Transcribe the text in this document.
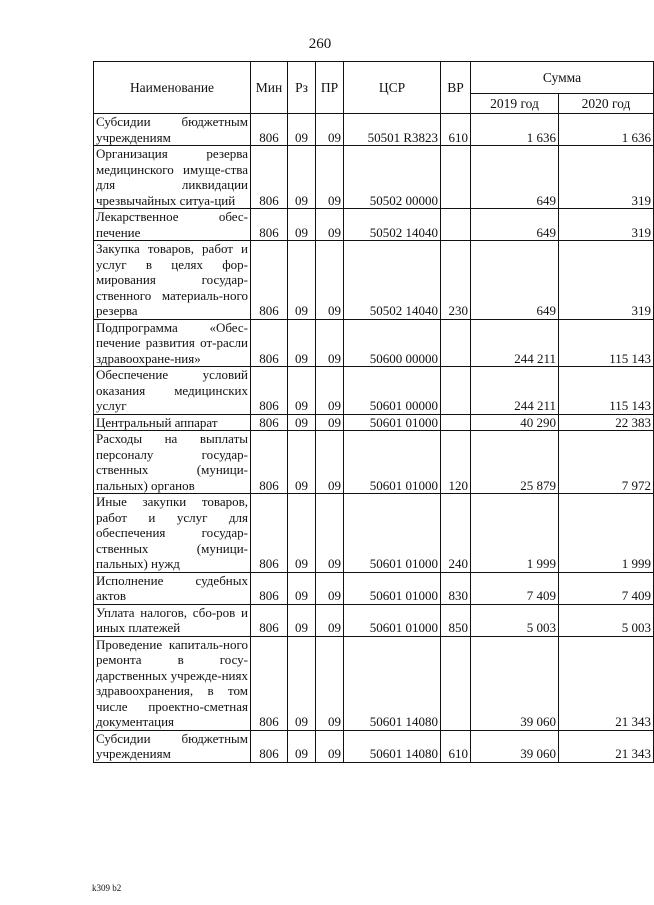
260
Наименование	Мин	Рз	ПР	ЦСР	ВР	Сумма	
						2019 год	2020 год
Субсидии бюджетным учреждениям	806	09	09	50501 R3823	610	1 636	1 636
Организация резерва медицинского имуще-ства для ликвидации чрезвычайных ситуа-ций	806	09	09	50502 00000		649	319
Лекарственное обес-печение	806	09	09	50502 14040		649	319
Закупка товаров, работ и услуг в целях фор-мирования государ-ственного материаль-ного резерва	806	09	09	50502 14040	230	649	319
Подпрограмма «Обес-печение развития от-расли здравоохране-ния»	806	09	09	50600 00000		244 211	115 143
Обеспечение условий оказания медицинских услуг	806	09	09	50601 00000		244 211	115 143
Центральный аппарат	806	09	09	50601 01000		40 290	22 383
Расходы на выплаты персоналу государ-ственных (муници-пальных) органов	806	09	09	50601 01000	120	25 879	7 972
Иные закупки товаров, работ и услуг для обеспечения государ-ственных (муници-пальных) нужд	806	09	09	50601 01000	240	1 999	1 999
Исполнение судебных актов	806	09	09	50601 01000	830	7 409	7 409
Уплата налогов, сбо-ров и иных платежей	806	09	09	50601 01000	850	5 003	5 003
Проведение капиталь-ного ремонта в госу-дарственных учрежде-ниях здравоохранения, в том числе проектно-сметная документация	806	09	09	50601 14080		39 060	21 343
Субсидии бюджетным учреждениям	806	09	09	50601 14080	610	39 060	21 343
k309 b2
